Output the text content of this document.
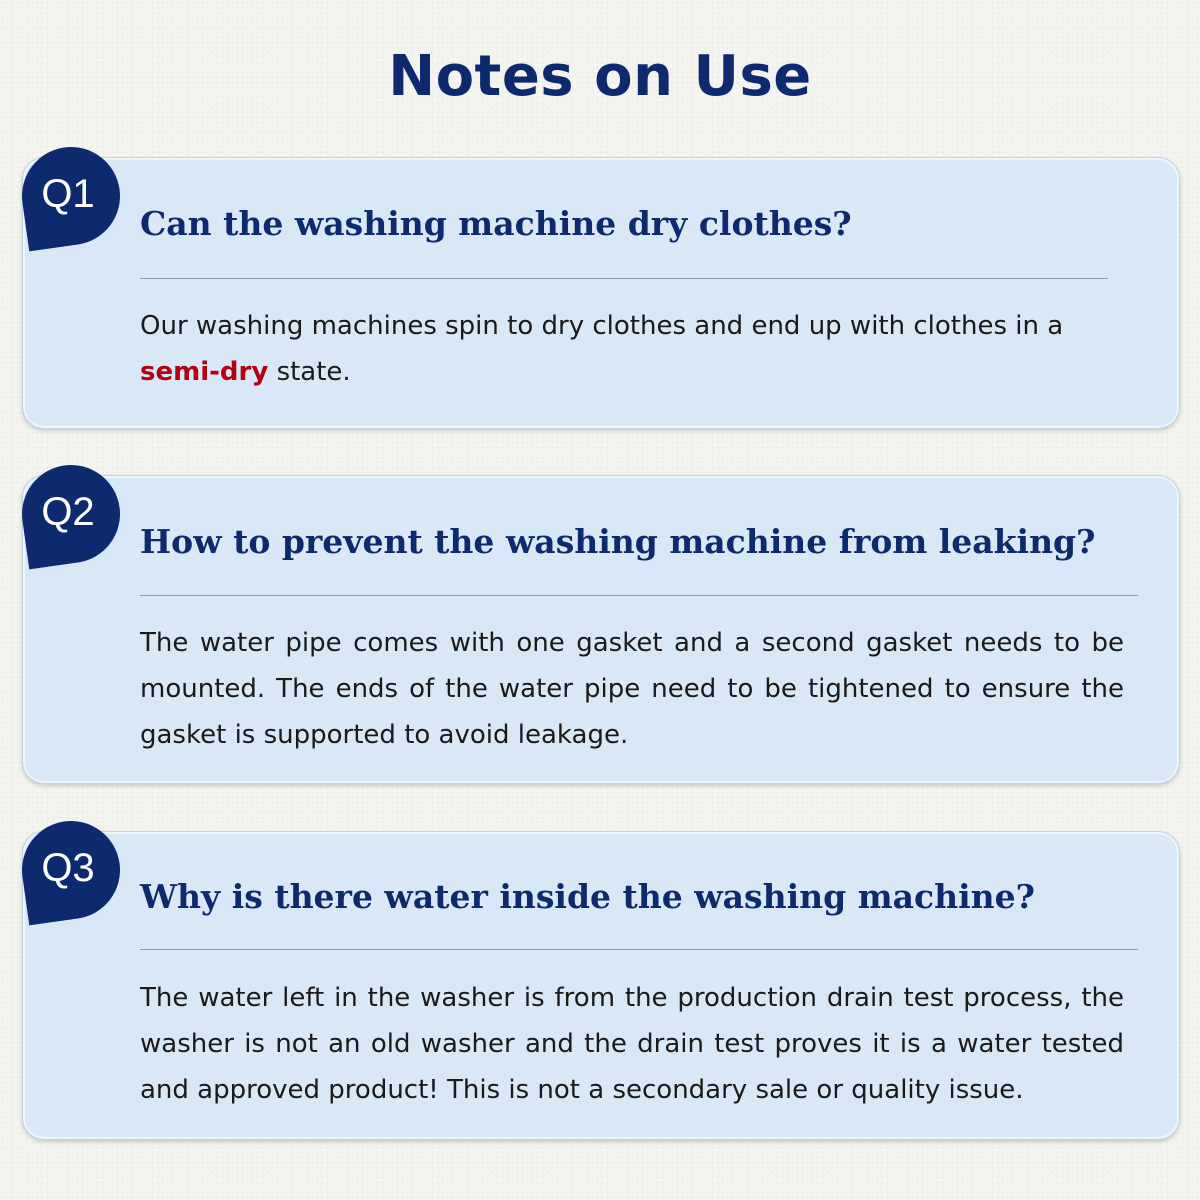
Notes on Use
Q1
Can the washing machine dry clothes?
Our washing machines spin to dry clothes and end up with clothes in a semi-dry state.
Q2
How to prevent the washing machine from leaking?
The water pipe comes with one gasket and a second gasket needs to be mounted. The ends of the water pipe need to be tightened to ensure the gasket is supported to avoid leakage.
Q3
Why is there water inside the washing machine?
The water left in the washer is from the production drain test process, the washer is not an old washer and the drain test proves it is a water tested and approved product! This is not a secondary sale or quality issue.
